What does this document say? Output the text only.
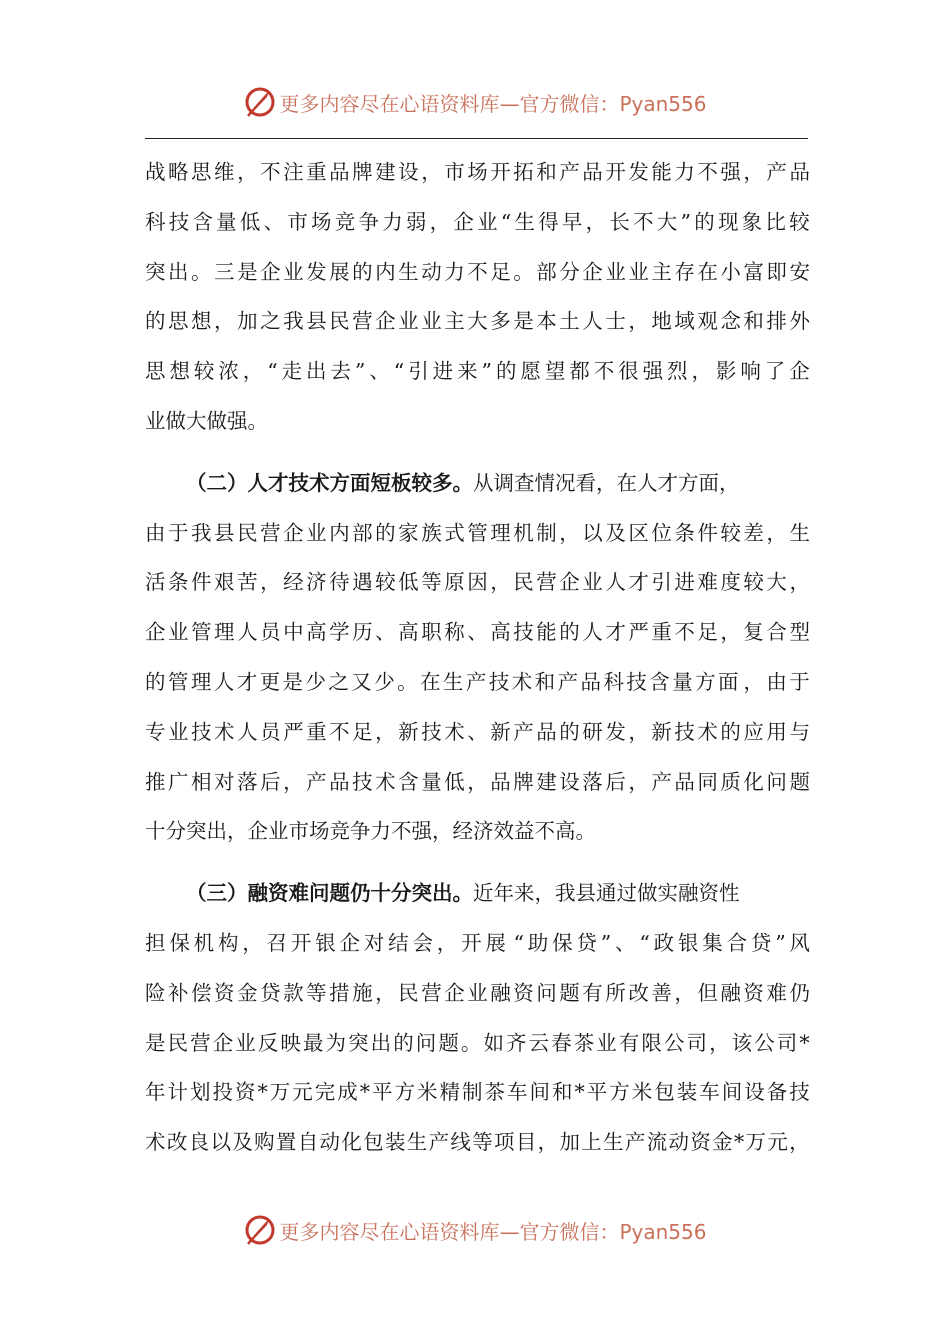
更多内容尽在心语资料库—官方微信：Pyan556
战 略 思 维 ， 不 注 重 品 牌 建 设 ， 市 场 开 拓 和 产 品 开 发 能 力 不 强 ， 产 品
科 技 含 量 低 、 市 场 竞 争 力 弱 ， 企 业 “ 生 得 早 ， 长 不 大 ” 的 现 象 比 较
突 出 。 三 是 企 业 发 展 的 内 生 动 力 不 足 。 部 分 企 业 业 主 存 在 小 富 即 安
的 思 想 ， 加 之 我 县 民 营 企 业 业 主 大 多 是 本 土 人 士 ， 地 域 观 念 和 排 外
思 想 较 浓 ， “ 走 出 去 ” 、 “ 引 进 来 ” 的 愿 望 都 不 很 强 烈 ， 影 响 了 企
业做大做强。
（二）人才技术方面短板较多。从调查情况看，在人才方面，
由 于 我 县 民 营 企 业 内 部 的 家 族 式 管 理 机 制 ， 以 及 区 位 条 件 较 差 ， 生
活 条 件 艰 苦 ， 经 济 待 遇 较 低 等 原 因 ， 民 营 企 业 人 才 引 进 难 度 较 大 ，
企 业 管 理 人 员 中 高 学 历 、 高 职 称 、 高 技 能 的 人 才 严 重 不 足 ， 复 合 型
的 管 理 人 才 更 是 少 之 又 少 。 在 生 产 技 术 和 产 品 科 技 含 量 方 面 ， 由 于
专 业 技 术 人 员 严 重 不 足 ， 新 技 术 、 新 产 品 的 研 发 ， 新 技 术 的 应 用 与
推 广 相 对 落 后 ， 产 品 技 术 含 量 低 ， 品 牌 建 设 落 后 ， 产 品 同 质 化 问 题
十分突出，企业市场竞争力不强，经济效益不高。
（三）融资难问题仍十分突出。近年来，我县通过做实融资性
担 保 机 构 ， 召 开 银 企 对 结 会 ， 开 展 “ 助 保 贷 ” 、 “ 政 银 集 合 贷 ” 风
险 补 偿 资 金 贷 款 等 措 施 ， 民 营 企 业 融 资 问 题 有 所 改 善 ， 但 融 资 难 仍
是 民 营 企 业 反 映 最 为 突 出 的 问 题 。 如 齐 云 春 茶 业 有 限 公 司 ， 该 公 司 *
年 计 划 投 资 * 万 元 完 成 * 平 方 米 精 制 茶 车 间 和 * 平 方 米 包 装 车 间 设 备 技
术 改 良 以 及 购 置 自 动 化 包 装 生 产 线 等 项 目 ， 加 上 生 产 流 动 资 金 * 万 元 ，
更多内容尽在心语资料库—官方微信：Pyan556
